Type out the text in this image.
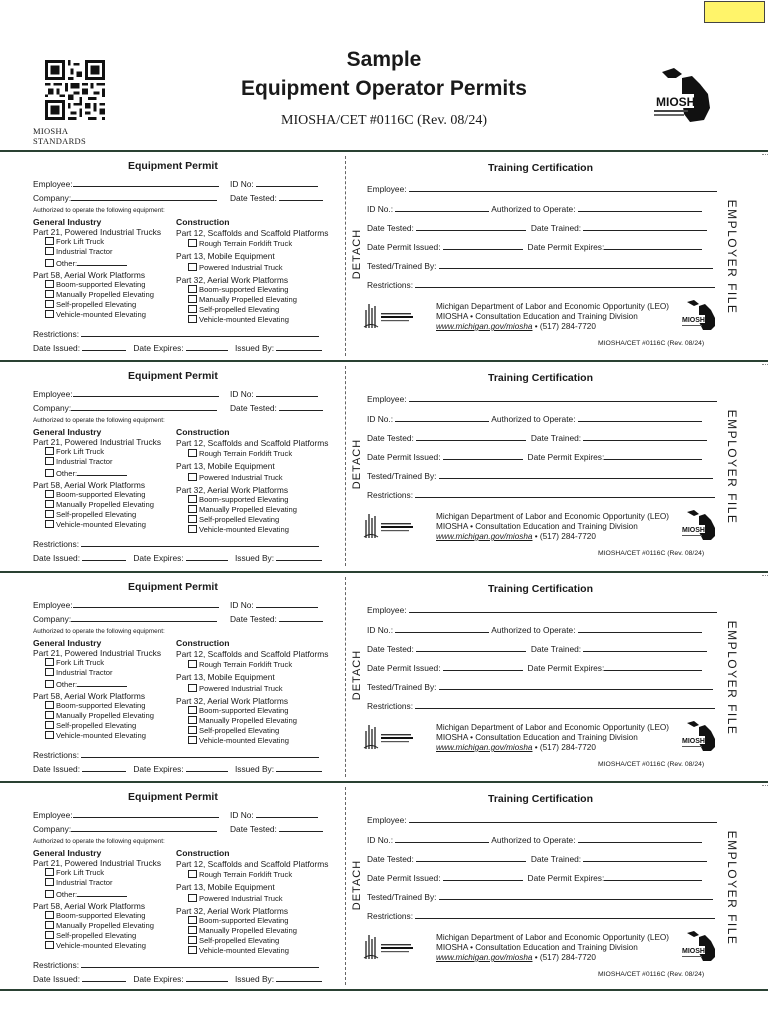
MIOSHA STANDARDS
Sample
Equipment Operator Permits
MIOSHA/CET #0116C (Rev. 08/24)
MIOSHA
Equipment Permit
Employee:	ID No:
Company:	Date Tested:
Authorized to operate the following equipment:
General Industry
Part 21, Powered Industrial Trucks
Fork Lift Truck
Industrial Tractor
Other:
Part 58, Aerial Work Platforms
Boom-supported Elevating
Manually Propelled Elevating
Self-propelled Elevating
Vehicle-mounted Elevating
Construction
Part 12, Scaffolds and Scaffold Platforms
Rough Terrain Forklift Truck
Part 13, Mobile Equipment
Powered Industrial Truck
Part 32, Aerial Work Platforms
Boom-supported Elevating
Manually Propelled Elevating
Self-propelled Elevating
Vehicle-mounted Elevating
Restrictions:
Date Issued:	Date Expires:	Issued By:
DETACH
Training Certification
Employee:
ID No.:	Authorized to Operate:
Date Tested:	Date Trained:
Date Permit Issued:	Date Permit Expires:
Tested/Trained By:
Restrictions:
Michigan Department of Labor and Economic Opportunity (LEO)
MIOSHA • Consultation Education and Training Division
www.michigan.gov/miosha • (517) 284-7720
MIOSHA
MIOSHA/CET #0116C (Rev. 08/24)
EMPLOYER FILE
Equipment Permit
Employee:	ID No:
Company:	Date Tested:
Authorized to operate the following equipment:
General Industry
Part 21, Powered Industrial Trucks
Fork Lift Truck
Industrial Tractor
Other:
Part 58, Aerial Work Platforms
Boom-supported Elevating
Manually Propelled Elevating
Self-propelled Elevating
Vehicle-mounted Elevating
Construction
Part 12, Scaffolds and Scaffold Platforms
Rough Terrain Forklift Truck
Part 13, Mobile Equipment
Powered Industrial Truck
Part 32, Aerial Work Platforms
Boom-supported Elevating
Manually Propelled Elevating
Self-propelled Elevating
Vehicle-mounted Elevating
Restrictions:
Date Issued:	Date Expires:	Issued By:
DETACH
Training Certification
Employee:
ID No.:	Authorized to Operate:
Date Tested:	Date Trained:
Date Permit Issued:	Date Permit Expires:
Tested/Trained By:
Restrictions:
Michigan Department of Labor and Economic Opportunity (LEO)
MIOSHA • Consultation Education and Training Division
www.michigan.gov/miosha • (517) 284-7720
MIOSHA
MIOSHA/CET #0116C (Rev. 08/24)
EMPLOYER FILE
Equipment Permit
Employee:	ID No:
Company:	Date Tested:
Authorized to operate the following equipment:
General Industry
Part 21, Powered Industrial Trucks
Fork Lift Truck
Industrial Tractor
Other:
Part 58, Aerial Work Platforms
Boom-supported Elevating
Manually Propelled Elevating
Self-propelled Elevating
Vehicle-mounted Elevating
Construction
Part 12, Scaffolds and Scaffold Platforms
Rough Terrain Forklift Truck
Part 13, Mobile Equipment
Powered Industrial Truck
Part 32, Aerial Work Platforms
Boom-supported Elevating
Manually Propelled Elevating
Self-propelled Elevating
Vehicle-mounted Elevating
Restrictions:
Date Issued:	Date Expires:	Issued By:
DETACH
Training Certification
Employee:
ID No.:	Authorized to Operate:
Date Tested:	Date Trained:
Date Permit Issued:	Date Permit Expires:
Tested/Trained By:
Restrictions:
Michigan Department of Labor and Economic Opportunity (LEO)
MIOSHA • Consultation Education and Training Division
www.michigan.gov/miosha • (517) 284-7720
MIOSHA
MIOSHA/CET #0116C (Rev. 08/24)
EMPLOYER FILE
Equipment Permit
Employee:	ID No:
Company:	Date Tested:
Authorized to operate the following equipment:
General Industry
Part 21, Powered Industrial Trucks
Fork Lift Truck
Industrial Tractor
Other:
Part 58, Aerial Work Platforms
Boom-supported Elevating
Manually Propelled Elevating
Self-propelled Elevating
Vehicle-mounted Elevating
Construction
Part 12, Scaffolds and Scaffold Platforms
Rough Terrain Forklift Truck
Part 13, Mobile Equipment
Powered Industrial Truck
Part 32, Aerial Work Platforms
Boom-supported Elevating
Manually Propelled Elevating
Self-propelled Elevating
Vehicle-mounted Elevating
Restrictions:
Date Issued:	Date Expires:	Issued By:
DETACH
Training Certification
Employee:
ID No.:	Authorized to Operate:
Date Tested:	Date Trained:
Date Permit Issued:	Date Permit Expires:
Tested/Trained By:
Restrictions:
Michigan Department of Labor and Economic Opportunity (LEO)
MIOSHA • Consultation Education and Training Division
www.michigan.gov/miosha • (517) 284-7720
MIOSHA
MIOSHA/CET #0116C (Rev. 08/24)
EMPLOYER FILE
